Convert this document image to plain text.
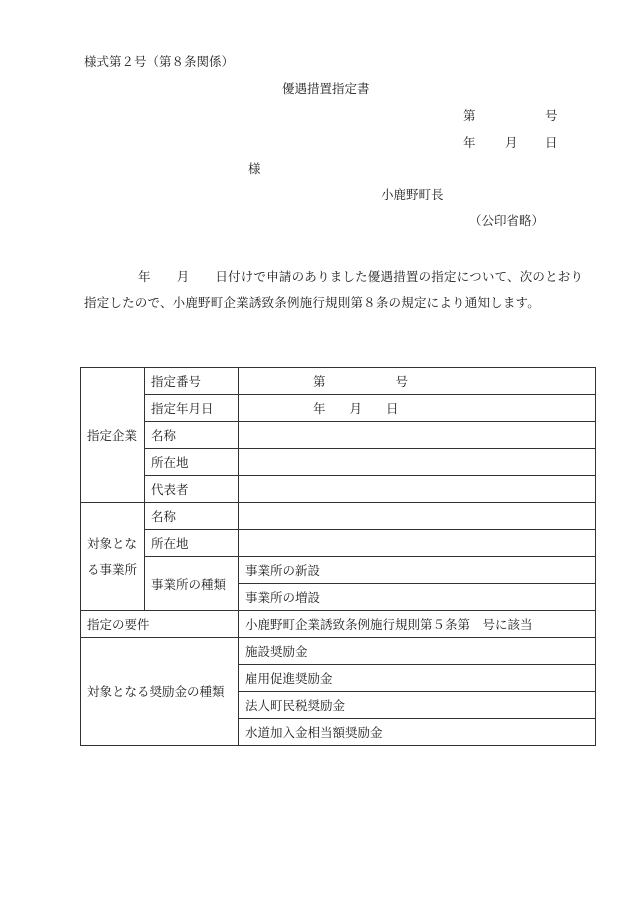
様式第２号（第８条関係）
優遇措置指定書
第	号
年 月 日
様
小鹿野町長
（公印省略）
年 月 日付けで申請のありました優遇措置の指定について、次のとおり指定したので、小鹿野町企業誘致条例施行規則第８条の規定により通知します。
指定企業	指定番号	第 号
	指定年月日	年 月 日
	名称	
	所在地	
	代表者	
対象となる事業所	名称	
	所在地	
	事業所の種類	事業所の新設
		事業所の増設
指定の要件		小鹿野町企業誘致条例施行規則第５条第　号に該当
対象となる奨励金の種類		施設奨励金
		雇用促進奨励金
		法人町民税奨励金
		水道加入金相当額奨励金
